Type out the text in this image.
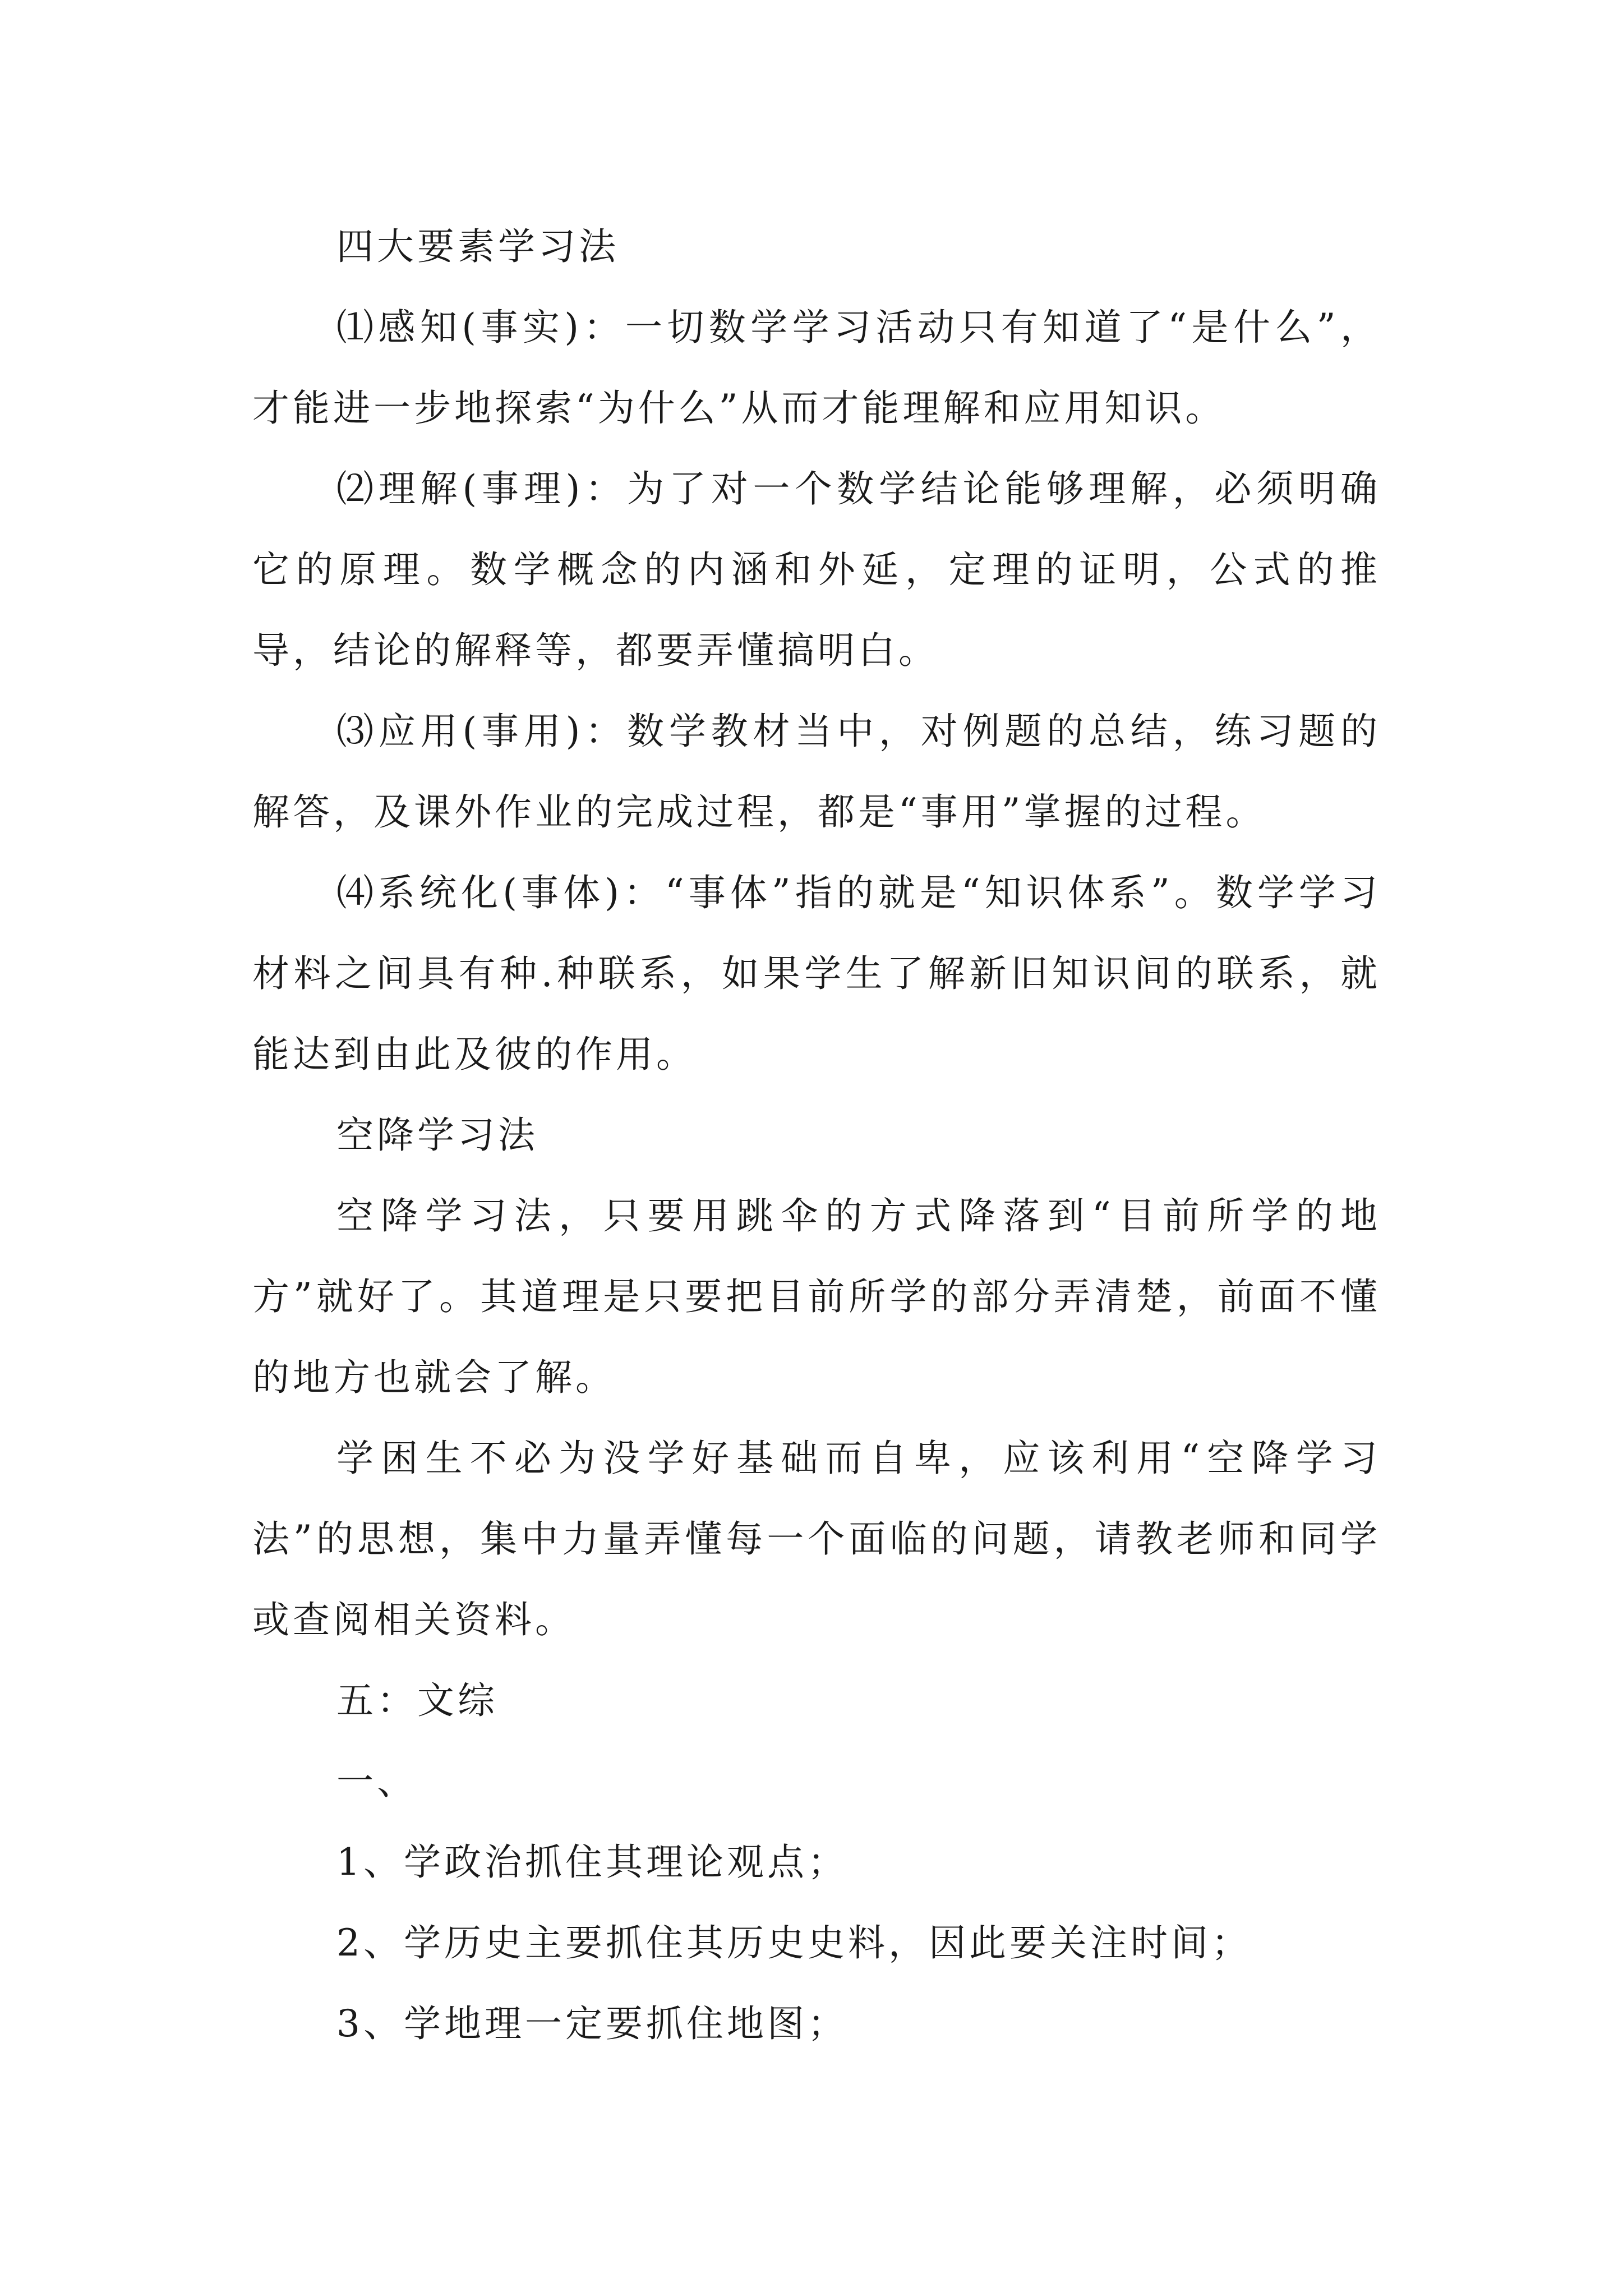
四大要素学习法

⑴感知(事实)：一切数学学习活动只有知道了“是什么”，才能进一步地探索“为什么”从而才能理解和应用知识。

⑵理解(事理)：为了对一个数学结论能够理解，必须明确它的原理。数学概念的内涵和外延，定理的证明，公式的推导，结论的解释等，都要弄懂搞明白。

⑶应用(事用)：数学教材当中，对例题的总结，练习题的解答，及课外作业的完成过程，都是“事用”掌握的过程。

⑷系统化(事体)：“事体”指的就是“知识体系”。数学学习材料之间具有种.种联系，如果学生了解新旧知识间的联系，就能达到由此及彼的作用。

空降学习法

空降学习法，只要用跳伞的方式降落到“目前所学的地方”就好了。其道理是只要把目前所学的部分弄清楚，前面不懂的地方也就会了解。

学困生不必为没学好基础而自卑，应该利用“空降学习法”的思想，集中力量弄懂每一个面临的问题，请教老师和同学或查阅相关资料。

五：文综

一、

1、学政治抓住其理论观点；

2、学历史主要抓住其历史史料，因此要关注时间；

3、学地理一定要抓住地图；
